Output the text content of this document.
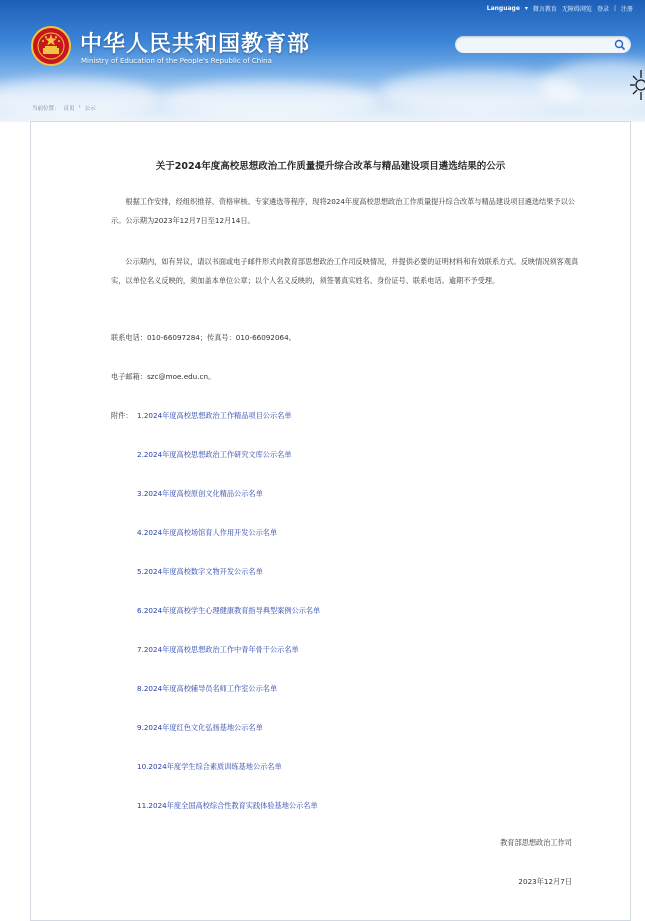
Language ▾ 微言教育 无障碍浏览 登录 | 注册
中华人民共和国教育部
Ministry of Education of the People's Republic of China
当前位置： 首页 › 公示
关于2024年度高校思想政治工作质量提升综合改革与精品建设项目遴选结果的公示

根据工作安排，经组织推荐、资格审核、专家遴选等程序，现将2024年度高校思想政治工作质量提升综合改革与精品建设项目遴选结果予以公示。公示期为2023年12月7日至12月14日。

公示期内，如有异议，请以书面或电子邮件形式向教育部思想政治工作司反映情况，并提供必要的证明材料和有效联系方式。反映情况须客观真实，以单位名义反映的，须加盖本单位公章；以个人名义反映的，须签署真实姓名、身份证号、联系电话。逾期不予受理。

联系电话：010-66097284；传真号：010-66092064。

电子邮箱：szc@moe.edu.cn。

附件： 1.2024年度高校思想政治工作精品项目公示名单
2.2024年度高校思想政治工作研究文库公示名单
3.2024年度高校原创文化精品公示名单
4.2024年度高校场馆育人作用开发公示名单
5.2024年度高校数字文物开发公示名单
6.2024年度高校学生心理健康教育指导典型案例公示名单
7.2024年度高校思想政治工作中青年骨干公示名单
8.2024年度高校辅导员名师工作室公示名单
9.2024年度红色文化弘扬基地公示名单
10.2024年度学生综合素质训练基地公示名单
11.2024年度全国高校综合性教育实践体验基地公示名单

教育部思想政治工作司

2023年12月7日
